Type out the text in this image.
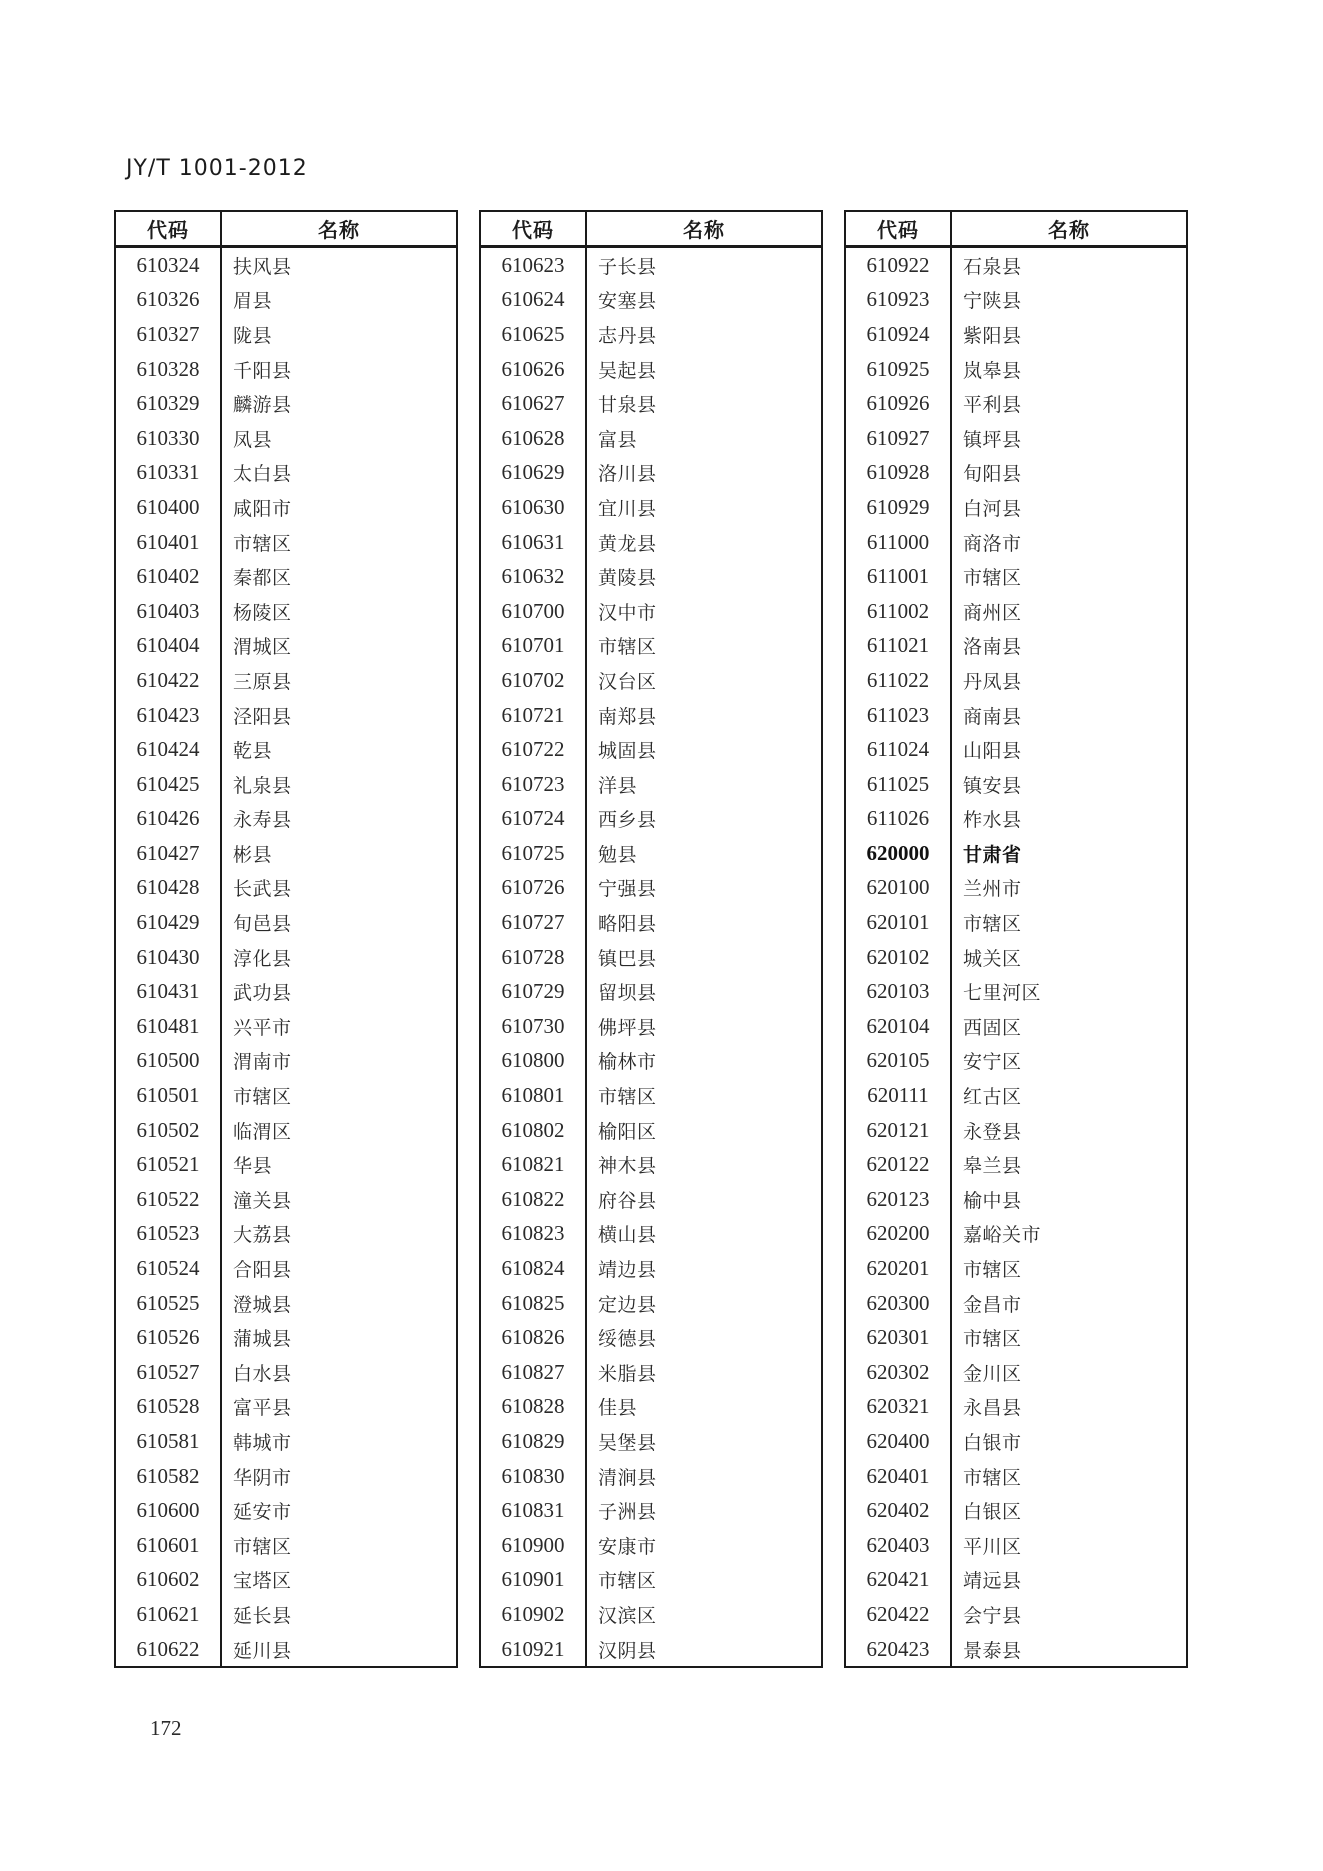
JY/T 1001-2012
代码	名称
610324	扶风县
610326	眉县
610327	陇县
610328	千阳县
610329	麟游县
610330	凤县
610331	太白县
610400	咸阳市
610401	市辖区
610402	秦都区
610403	杨陵区
610404	渭城区
610422	三原县
610423	泾阳县
610424	乾县
610425	礼泉县
610426	永寿县
610427	彬县
610428	长武县
610429	旬邑县
610430	淳化县
610431	武功县
610481	兴平市
610500	渭南市
610501	市辖区
610502	临渭区
610521	华县
610522	潼关县
610523	大荔县
610524	合阳县
610525	澄城县
610526	蒲城县
610527	白水县
610528	富平县
610581	韩城市
610582	华阴市
610600	延安市
610601	市辖区
610602	宝塔区
610621	延长县
610622	延川县
代码	名称
610623	子长县
610624	安塞县
610625	志丹县
610626	吴起县
610627	甘泉县
610628	富县
610629	洛川县
610630	宜川县
610631	黄龙县
610632	黄陵县
610700	汉中市
610701	市辖区
610702	汉台区
610721	南郑县
610722	城固县
610723	洋县
610724	西乡县
610725	勉县
610726	宁强县
610727	略阳县
610728	镇巴县
610729	留坝县
610730	佛坪县
610800	榆林市
610801	市辖区
610802	榆阳区
610821	神木县
610822	府谷县
610823	横山县
610824	靖边县
610825	定边县
610826	绥德县
610827	米脂县
610828	佳县
610829	吴堡县
610830	清涧县
610831	子洲县
610900	安康市
610901	市辖区
610902	汉滨区
610921	汉阴县
代码	名称
610922	石泉县
610923	宁陕县
610924	紫阳县
610925	岚皋县
610926	平利县
610927	镇坪县
610928	旬阳县
610929	白河县
611000	商洛市
611001	市辖区
611002	商州区
611021	洛南县
611022	丹凤县
611023	商南县
611024	山阳县
611025	镇安县
611026	柞水县
620000	甘肃省
620100	兰州市
620101	市辖区
620102	城关区
620103	七里河区
620104	西固区
620105	安宁区
620111	红古区
620121	永登县
620122	皋兰县
620123	榆中县
620200	嘉峪关市
620201	市辖区
620300	金昌市
620301	市辖区
620302	金川区
620321	永昌县
620400	白银市
620401	市辖区
620402	白银区
620403	平川区
620421	靖远县
620422	会宁县
620423	景泰县
172
